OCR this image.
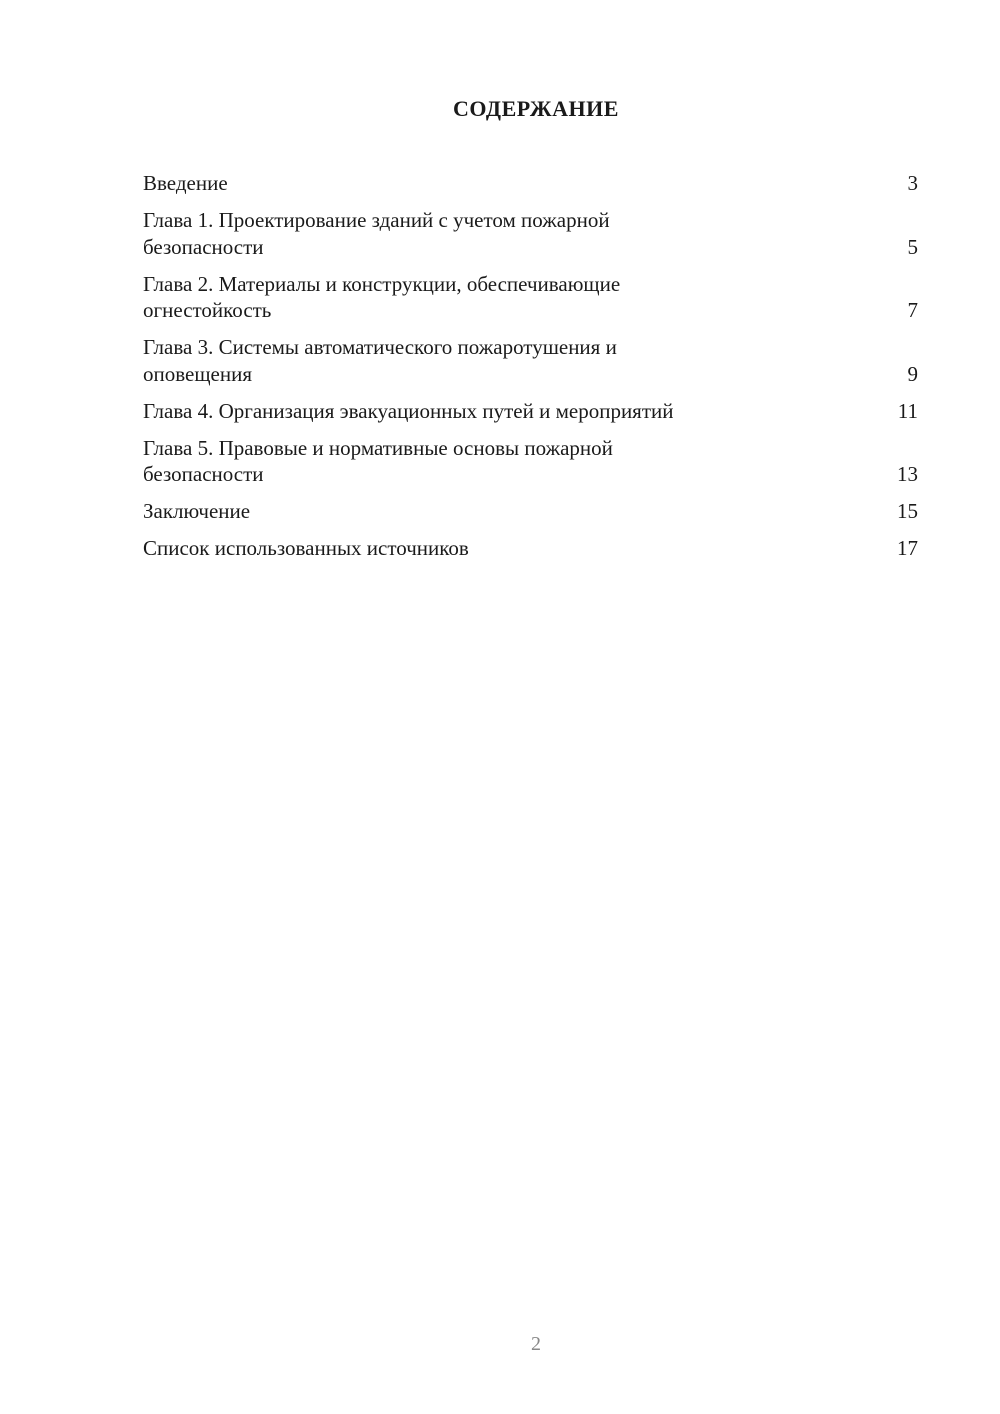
СОДЕРЖАНИЕ
Введение	3
Глава 1. Проектирование зданий с учетом пожарной
безопасности	5
Глава 2. Материалы и конструкции, обеспечивающие
огнестойкость	7
Глава 3. Системы автоматического пожаротушения и
оповещения	9
Глава 4. Организация эвакуационных путей и мероприятий	11
Глава 5. Правовые и нормативные основы пожарной
безопасности	13
Заключение	15
Список использованных источников	17
2
